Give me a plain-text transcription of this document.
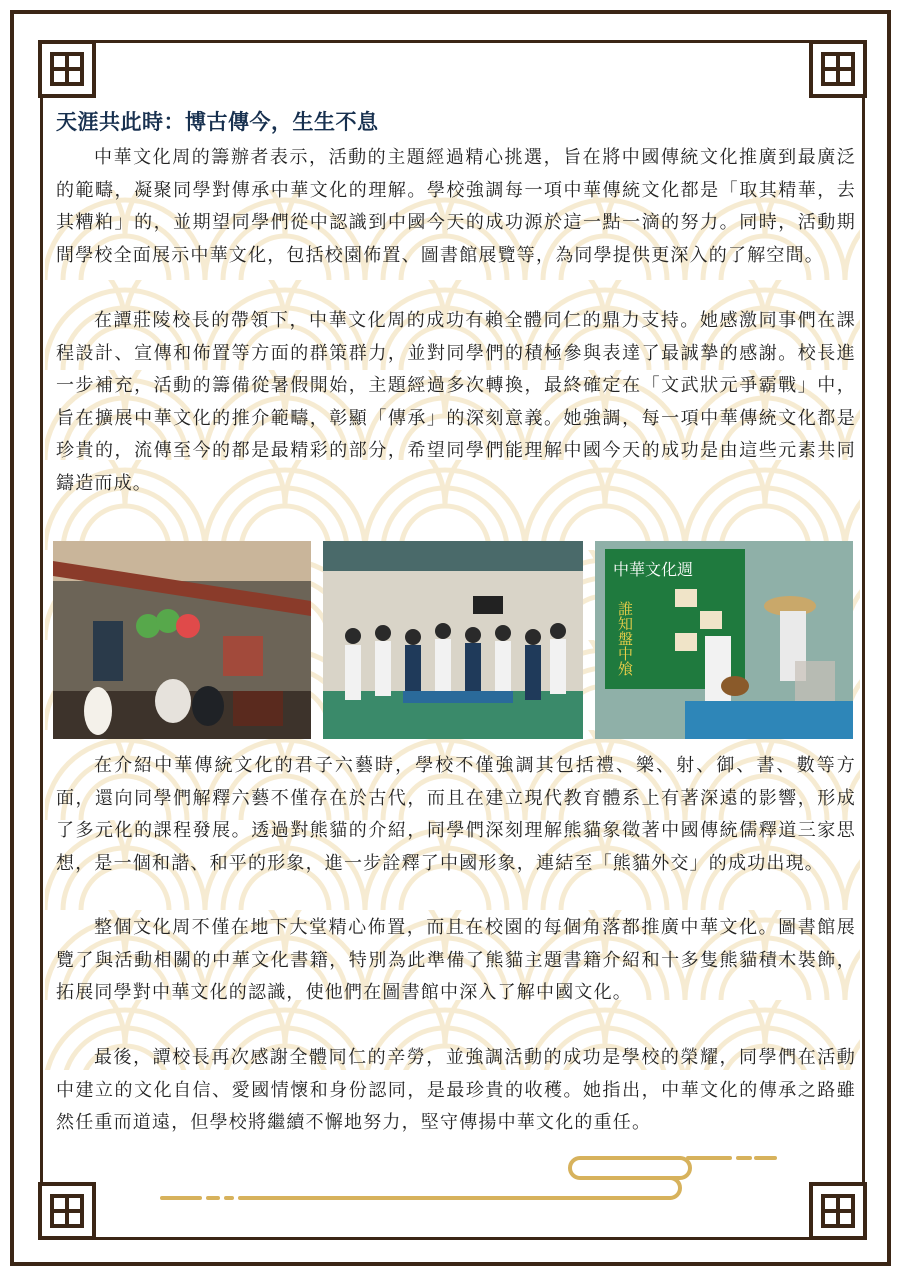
天涯共此時：博古傳今，生生不息

中華文化周的籌辦者表示，活動的主題經過精心挑選，旨在將中國傳統文化推廣到最廣泛的範疇，凝聚同學對傳承中華文化的理解。學校強調每一項中華傳統文化都是「取其精華，去其糟粕」的，並期望同學們從中認識到中國今天的成功源於這一點一滴的努力。同時，活動期間學校全面展示中華文化，包括校園佈置、圖書館展覽等，為同學提供更深入的了解空間。

在譚莊陵校長的帶領下，中華文化周的成功有賴全體同仁的鼎力支持。她感激同事們在課程設計、宣傳和佈置等方面的群策群力，並對同學們的積極參與表達了最誠摯的感謝。校長進一步補充，活動的籌備從暑假開始，主題經過多次轉換，最終確定在「文武狀元爭霸戰」中，旨在擴展中華文化的推介範疇，彰顯「傳承」的深刻意義。她強調，每一項中華傳統文化都是珍貴的，流傳至今的都是最精彩的部分，希望同學們能理解中國今天的成功是由這些元素共同鑄造而成。

中華文化週
誰知盤中飧

在介紹中華傳統文化的君子六藝時，學校不僅強調其包括禮、樂、射、御、書、數等方面，還向同學們解釋六藝不僅存在於古代，而且在建立現代教育體系上有著深遠的影響，形成了多元化的課程發展。透過對熊貓的介紹，同學們深刻理解熊貓象徵著中國傳統儒釋道三家思想，是一個和諧、和平的形象，進一步詮釋了中國形象，連結至「熊貓外交」的成功出現。

整個文化周不僅在地下大堂精心佈置，而且在校園的每個角落都推廣中華文化。圖書館展覽了與活動相關的中華文化書籍，特別為此準備了熊貓主題書籍介紹和十多隻熊貓積木裝飾，拓展同學對中華文化的認識，使他們在圖書館中深入了解中國文化。

最後，譚校長再次感謝全體同仁的辛勞，並強調活動的成功是學校的榮耀，同學們在活動中建立的文化自信、愛國情懷和身份認同，是最珍貴的收穫。她指出，中華文化的傳承之路雖然任重而道遠，但學校將繼續不懈地努力，堅守傳揚中華文化的重任。
